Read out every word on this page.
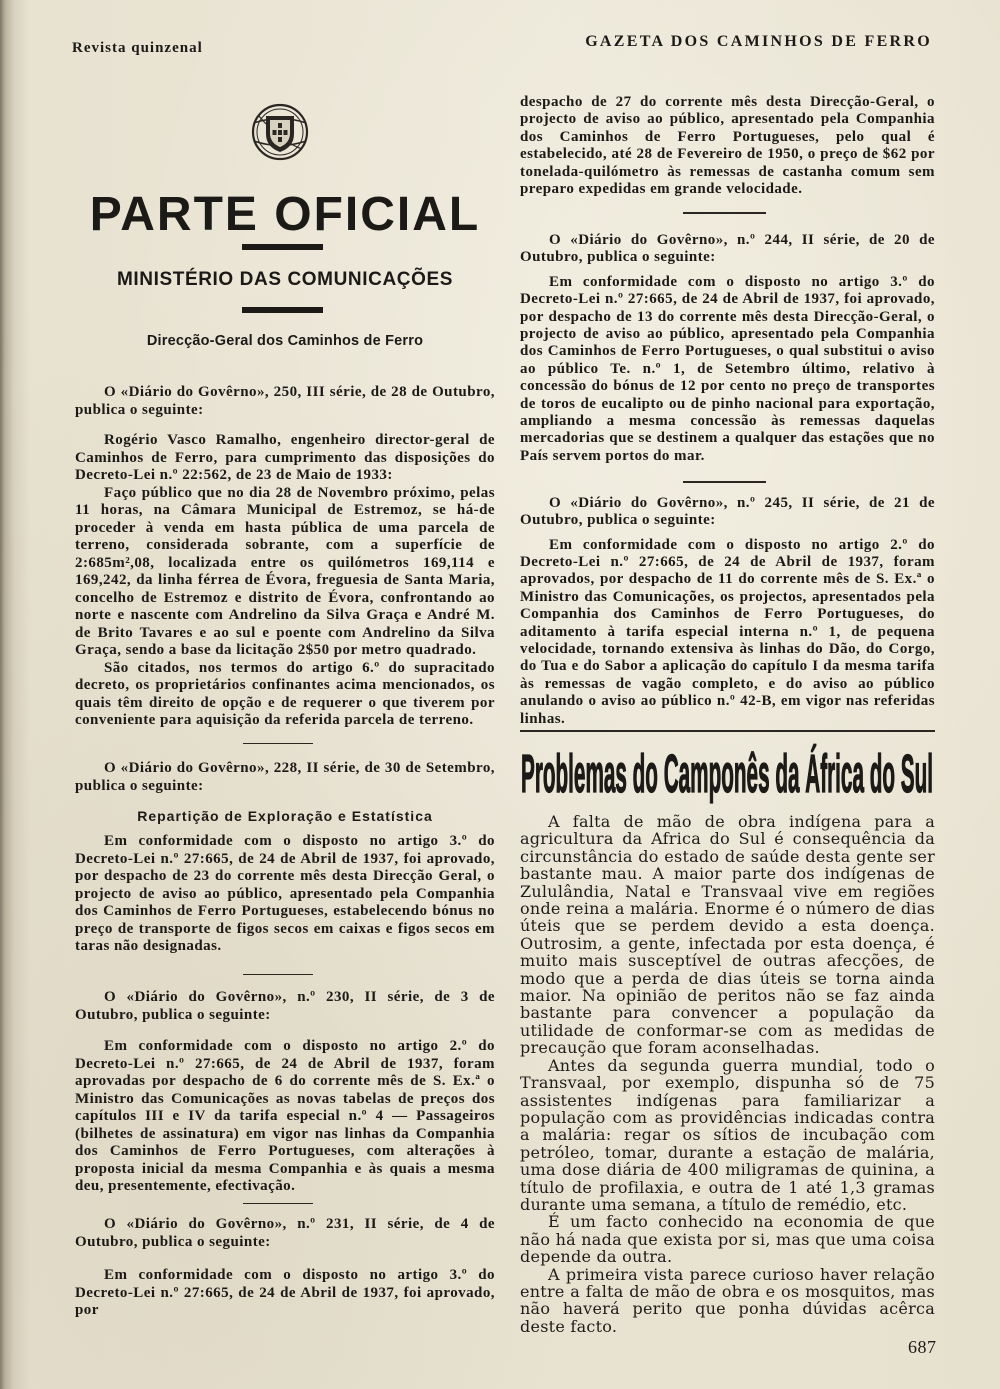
Revista quinzenal	GAZETA DOS CAMINHOS DE FERRO
PARTE OFICIAL
MINISTÉRIO DAS COMUNICAÇÕES
Direcção-Geral dos Caminhos de Ferro

O «Diário do Govêrno», 250, III série, de 28 de Outubro, publica o seguinte:

Rogério Vasco Ramalho, engenheiro director-geral de Caminhos de Ferro, para cumprimento das disposições do Decreto-Lei n.º 22:562, de 23 de Maio de 1933:

Faço público que no dia 28 de Novembro próximo, pelas 11 horas, na Câmara Municipal de Estremoz, se há-de proceder à venda em hasta pública de uma parcela de terreno, considerada sobrante, com a superfície de 2:685m²,08, localizada entre os quilómetros 169,114 e 169,242, da linha férrea de Évora, freguesia de Santa Maria, concelho de Estremoz e distrito de Évora, confrontando ao norte e nascente com Andrelino da Silva Graça e André M. de Brito Tavares e ao sul e poente com Andrelino da Silva Graça, sendo a base da licitação 2$50 por metro quadrado.

São citados, nos termos do artigo 6.º do supracitado decreto, os proprietários confinantes acima mencionados, os quais têm direito de opção e de requerer o que tiverem por conveniente para aquisição da referida parcela de terreno.

O «Diário do Govêrno», 228, II série, de 30 de Setembro, publica o seguinte:

Repartição de Exploração e Estatística

Em conformidade com o disposto no artigo 3.º do Decreto-Lei n.º 27:665, de 24 de Abril de 1937, foi aprovado, por despacho de 23 do corrente mês desta Direcção Geral, o projecto de aviso ao público, apresentado pela Companhia dos Caminhos de Ferro Portugueses, estabelecendo bónus no preço de transporte de figos secos em caixas e figos secos em taras não designadas.

O «Diário do Govêrno», n.º 230, II série, de 3 de Outubro, publica o seguinte:

Em conformidade com o disposto no artigo 2.º do Decreto-Lei n.º 27:665, de 24 de Abril de 1937, foram aprovadas por despacho de 6 do corrente mês de S. Ex.ª o Ministro das Comunicações as novas tabelas de preços dos capítulos III e IV da tarifa especial n.º 4 — Passageiros (bilhetes de assinatura) em vigor nas linhas da Companhia dos Caminhos de Ferro Portugueses, com alterações à proposta inicial da mesma Companhia e às quais a mesma deu, presentemente, efectivação.

O «Diário do Govêrno», n.º 231, II série, de 4 de Outubro, publica o seguinte:

Em conformidade com o disposto no artigo 3.º do Decreto-Lei n.º 27:665, de 24 de Abril de 1937, foi aprovado, por

despacho de 27 do corrente mês desta Direcção-Geral, o projecto de aviso ao público, apresentado pela Companhia dos Caminhos de Ferro Portugueses, pelo qual é estabelecido, até 28 de Fevereiro de 1950, o preço de $62 por tonelada-quilómetro às remessas de castanha comum sem preparo expedidas em grande velocidade.

O «Diário do Govêrno», n.º 244, II série, de 20 de Outubro, publica o seguinte:

Em conformidade com o disposto no artigo 3.º do Decreto-Lei n.º 27:665, de 24 de Abril de 1937, foi aprovado, por despacho de 13 do corrente mês desta Direcção-Geral, o projecto de aviso ao público, apresentado pela Companhia dos Caminhos de Ferro Portugueses, o qual substitui o aviso ao público Te. n.º 1, de Setembro último, relativo à concessão do bónus de 12 por cento no preço de transportes de toros de eucalipto ou de pinho nacional para exportação, ampliando a mesma concessão às remessas daquelas mercadorias que se destinem a qualquer das estações que no País servem portos do mar.

O «Diário do Govêrno», n.º 245, II série, de 21 de Outubro, publica o seguinte:

Em conformidade com o disposto no artigo 2.º do Decreto-Lei n.º 27:665, de 24 de Abril de 1937, foram aprovados, por despacho de 11 do corrente mês de S. Ex.ª o Ministro das Comunicações, os projectos, apresentados pela Companhia dos Caminhos de Ferro Portugueses, do aditamento à tarifa especial interna n.º 1, de pequena velocidade, tornando extensiva às linhas do Dão, do Corgo, do Tua e do Sabor a aplicação do capítulo I da mesma tarifa às remessas de vagão completo, e do aviso ao público anulando o aviso ao público n.º 42-B, em vigor nas referidas linhas.

Problemas do Camponês da África do Sul

A falta de mão de obra indígena para a agricultura da Africa do Sul é consequência da circunstância do estado de saúde desta gente ser bastante mau. A maior parte dos indígenas de Zululândia, Natal e Transvaal vive em regiões onde reina a malária. Enorme é o número de dias úteis que se perdem devido a esta doença. Outrosim, a gente, infectada por esta doença, é muito mais susceptível de outras afecções, de modo que a perda de dias úteis se torna ainda maior. Na opinião de peritos não se faz ainda bastante para convencer a população da utilidade de conformar-se com as medidas de precaução que foram aconselhadas.

Antes da segunda guerra mundial, todo o Transvaal, por exemplo, dispunha só de 75 assistentes indígenas para familiarizar a população com as providências indicadas contra a malária: regar os sítios de incubação com petróleo, tomar, durante a estação de malária, uma dose diária de 400 miligramas de quinina, a título de profilaxia, e outra de 1 até 1,3 gramas durante uma semana, a título de remédio, etc.

É um facto conhecido na economia de que não há nada que exista por si, mas que uma coisa depende da outra.

A primeira vista parece curioso haver relação entre a falta de mão de obra e os mosquitos, mas não haverá perito que ponha dúvidas acêrca deste facto.

687
